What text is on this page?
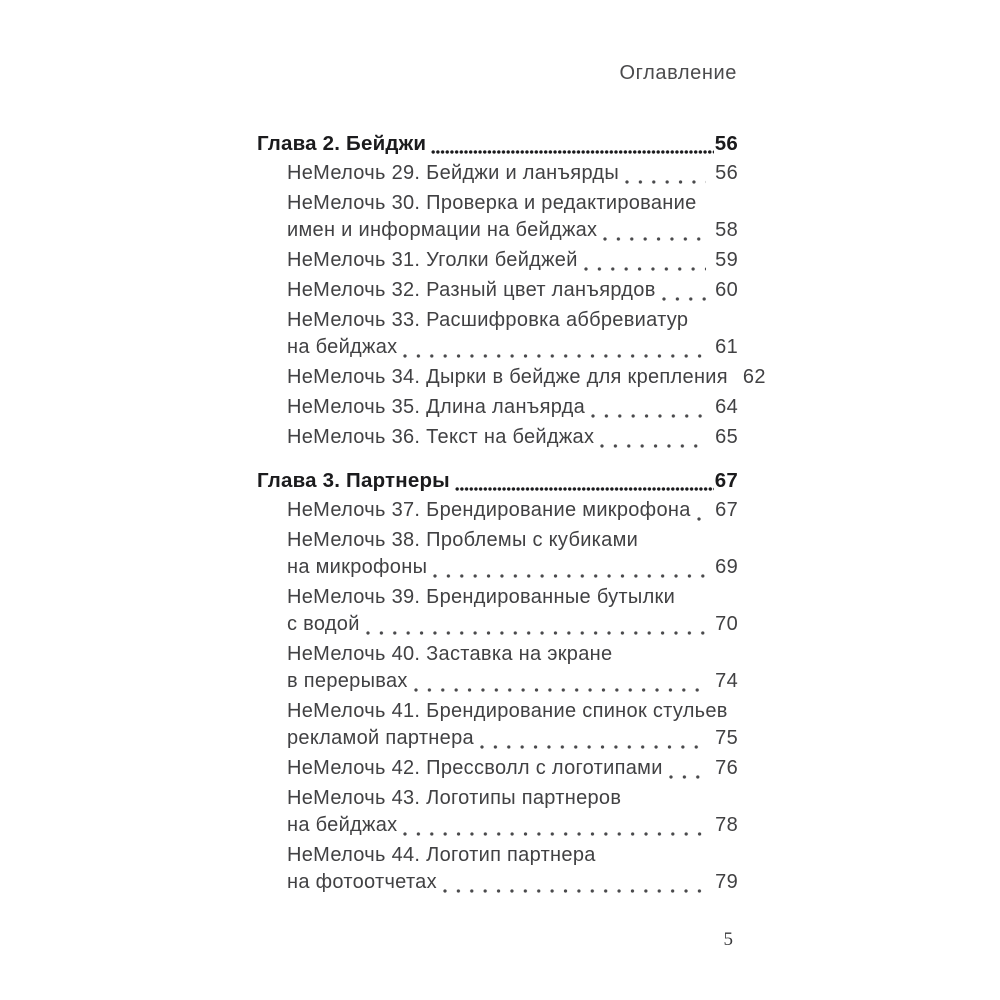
Оглавление
Глава 2. Бейджи	56
НеМелочь 29. Бейджи и ланъярды	56
НеМелочь 30. Проверка и редактирование
имен и информации на бейджах	58
НеМелочь 31. Уголки бейджей	59
НеМелочь 32. Разный цвет ланъярдов	60
НеМелочь 33. Расшифровка аббревиатур
на бейджах	61
НеМелочь 34. Дырки в бейдже для крепления 62
НеМелочь 35. Длина ланъярда	64
НеМелочь 36. Текст на бейджах	65
Глава 3. Партнеры	67
НеМелочь 37. Брендирование микрофона 67
НеМелочь 38. Проблемы с кубиками
на микрофоны	69
НеМелочь 39. Брендированные бутылки
с водой	70
НеМелочь 40. Заставка на экране
в перерывах	74
НеМелочь 41. Брендирование спинок стульев
рекламой партнера	75
НеМелочь 42. Прессволл с логотипами	76
НеМелочь 43. Логотипы партнеров
на бейджах	78
НеМелочь 44. Логотип партнера
на фотоотчетах	79
5
